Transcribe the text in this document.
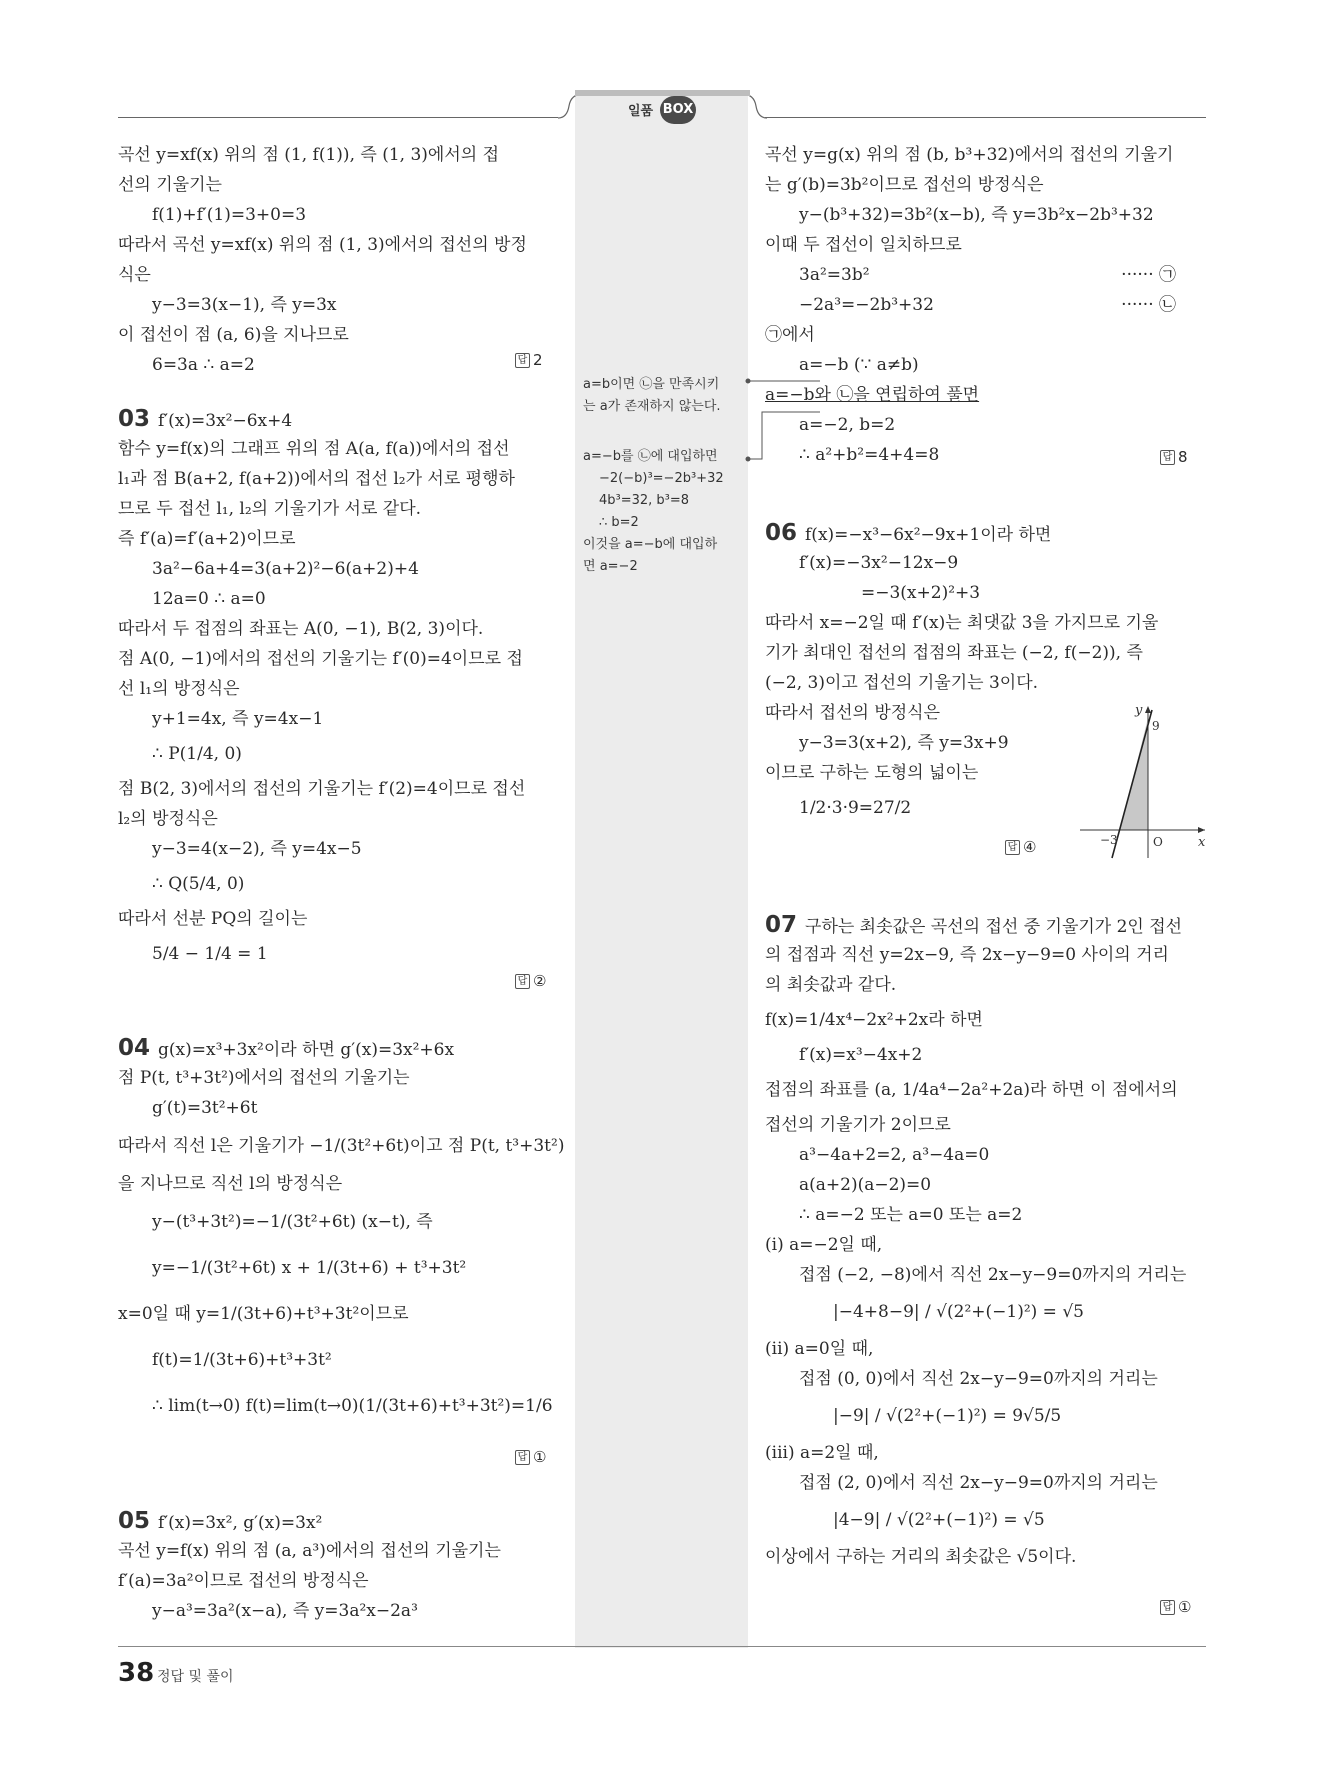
일품 BOX
곡선 y=xf(x) 위의 점 (1, f(1)), 즉 (1, 3)에서의 접
선의 기울기는
f(1)+f′(1)=3+0=3
따라서 곡선 y=xf(x) 위의 점 (1, 3)에서의 접선의 방정
식은
y−3=3(x−1), 즉 y=3x
이 접선이 점 (a, 6)을 지나므로
6=3a ∴ a=2	답 2
03 f′(x)=3x²−6x+4
함수 y=f(x)의 그래프 위의 점 A(a, f(a))에서의 접선
l₁과 점 B(a+2, f(a+2))에서의 접선 l₂가 서로 평행하
므로 두 접선 l₁, l₂의 기울기가 서로 같다.
즉 f′(a)=f′(a+2)이므로
3a²−6a+4=3(a+2)²−6(a+2)+4
12a=0 ∴ a=0
따라서 두 접점의 좌표는 A(0, −1), B(2, 3)이다.
점 A(0, −1)에서의 접선의 기울기는 f′(0)=4이므로 접
선 l₁의 방정식은
y+1=4x, 즉 y=4x−1
∴ P(1/4, 0)
점 B(2, 3)에서의 접선의 기울기는 f′(2)=4이므로 접선
l₂의 방정식은
y−3=4(x−2), 즉 y=4x−5
∴ Q(5/4, 0)
따라서 선분 PQ의 길이는
5/4 − 1/4 = 1
답 ②
04 g(x)=x³+3x²이라 하면 g′(x)=3x²+6x
점 P(t, t³+3t²)에서의 접선의 기울기는
g′(t)=3t²+6t
따라서 직선 l은 기울기가 −1/(3t²+6t)이고 점 P(t, t³+3t²)
을 지나므로 직선 l의 방정식은
y−(t³+3t²)=−1/(3t²+6t) (x−t), 즉
y=−1/(3t²+6t) x + 1/(3t+6) + t³+3t²
x=0일 때 y=1/(3t+6)+t³+3t²이므로
f(t)=1/(3t+6)+t³+3t²
∴ lim(t→0) f(t)=lim(t→0)(1/(3t+6)+t³+3t²)=1/6
답 ①
05 f′(x)=3x², g′(x)=3x²
곡선 y=f(x) 위의 점 (a, a³)에서의 접선의 기울기는
f′(a)=3a²이므로 접선의 방정식은
y−a³=3a²(x−a), 즉 y=3a²x−2a³
a=b이면 ㉡을 만족시키
는 a가 존재하지 않는다.
a=−b를 ㉡에 대입하면
−2(−b)³=−2b³+32
4b³=32, b³=8
∴ b=2
이것을 a=−b에 대입하
면 a=−2
곡선 y=g(x) 위의 점 (b, b³+32)에서의 접선의 기울기
는 g′(b)=3b²이므로 접선의 방정식은
y−(b³+32)=3b²(x−b), 즉 y=3b²x−2b³+32
이때 두 접선이 일치하므로
3a²=3b²	······ ㉠
−2a³=−2b³+32	······ ㉡
㉠에서
a=−b (∵ a≠b)
a=−b와 ㉡을 연립하여 풀면
a=−2, b=2
∴ a²+b²=4+4=8	답 8
06 f(x)=−x³−6x²−9x+1이라 하면
f′(x)=−3x²−12x−9
=−3(x+2)²+3
따라서 x=−2일 때 f′(x)는 최댓값 3을 가지므로 기울
기가 최대인 접선의 접점의 좌표는 (−2, f(−2)), 즉
(−2, 3)이고 접선의 기울기는 3이다.
따라서 접선의 방정식은
y−3=3(x+2), 즉 y=3x+9
이므로 구하는 도형의 넓이는
1/2·3·9=27/2
y
x
9
−3	O
답 ④
07 구하는 최솟값은 곡선의 접선 중 기울기가 2인 접선
의 접점과 직선 y=2x−9, 즉 2x−y−9=0 사이의 거리
의 최솟값과 같다.
f(x)=1/4x⁴−2x²+2x라 하면
f′(x)=x³−4x+2
접점의 좌표를 (a, 1/4a⁴−2a²+2a)라 하면 이 점에서의
접선의 기울기가 2이므로
a³−4a+2=2, a³−4a=0
a(a+2)(a−2)=0
∴ a=−2 또는 a=0 또는 a=2
(i) a=−2일 때,
접점 (−2, −8)에서 직선 2x−y−9=0까지의 거리는
|−4+8−9| / √(2²+(−1)²) = √5
(ii) a=0일 때,
접점 (0, 0)에서 직선 2x−y−9=0까지의 거리는
|−9| / √(2²+(−1)²) = 9√5/5
(iii) a=2일 때,
접점 (2, 0)에서 직선 2x−y−9=0까지의 거리는
|4−9| / √(2²+(−1)²) = √5
이상에서 구하는 거리의 최솟값은 √5이다.
답 ①
38 정답 및 풀이
